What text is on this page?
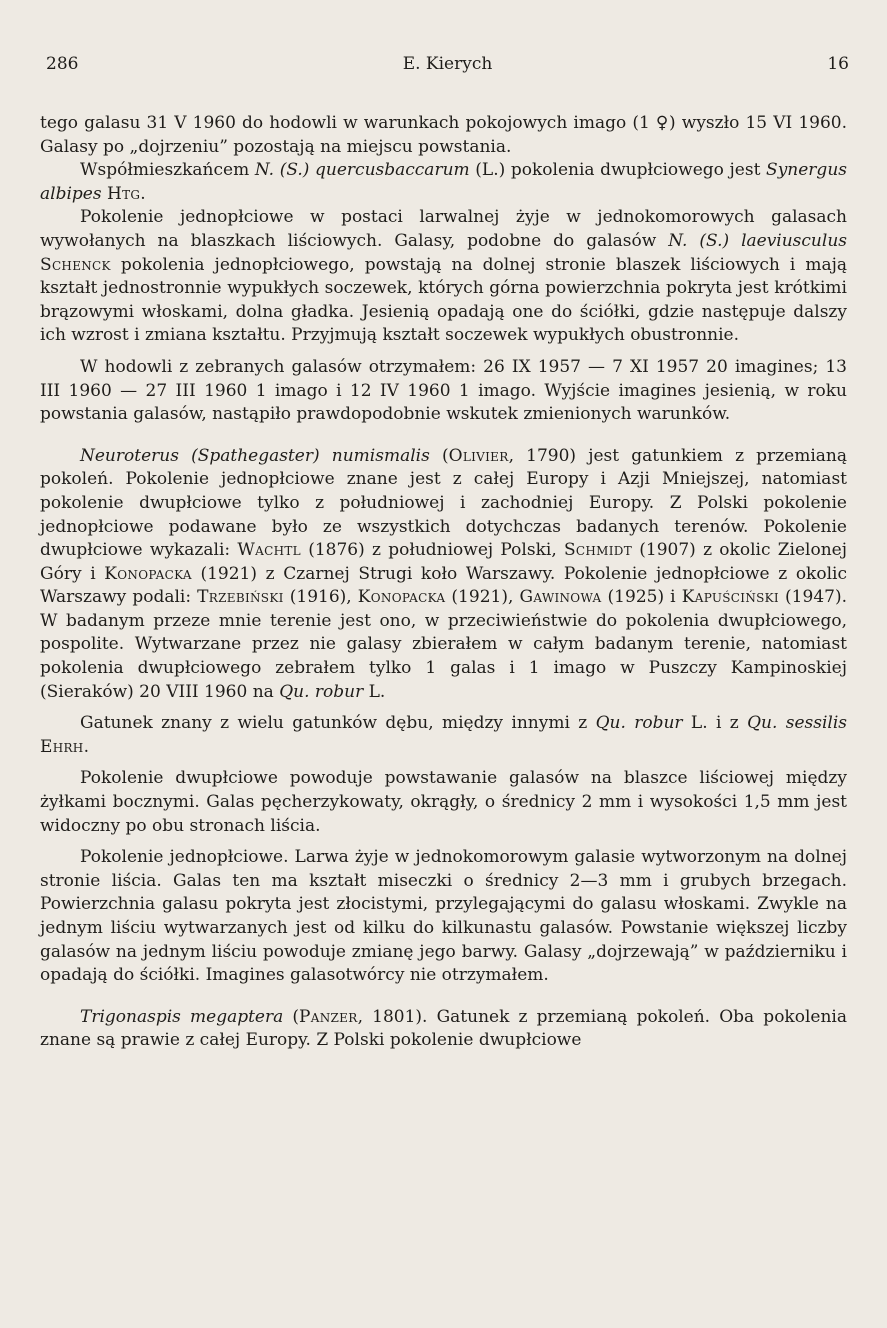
286	E. Kierych	16

tego galasu 31 V 1960 do hodowli w warunkach pokojowych imago (1 ♀) wyszło 15 VI 1960. Galasy po „dojrzeniu” pozostają na miejscu powstania.

Współmieszkańcem N. (S.) quercusbaccarum (L.) pokolenia dwupłciowego jest Synergus albipes Htg.

Pokolenie jednopłciowe w postaci larwalnej żyje w jednokomorowych galasach wywołanych na blaszkach liściowych. Galasy, podobne do galasów N. (S.) laeviusculus Schenck pokolenia jednopłciowego, powstają na dolnej stronie blaszek liściowych i mają kształt jednostronnie wypukłych soczewek, których górna powierzchnia pokryta jest krótkimi brązowymi włoskami, dolna gładka. Jesienią opadają one do ściółki, gdzie następuje dalszy ich wzrost i zmiana kształtu. Przyjmują kształt soczewek wypukłych obustronnie.

W hodowli z zebranych galasów otrzymałem: 26 IX 1957 — 7 XI 1957 20 imagines; 13 III 1960 — 27 III 1960 1 imago i 12 IV 1960 1 imago. Wyjście imagines jesienią, w roku powstania galasów, nastąpiło prawdopodobnie wskutek zmienionych warunków.

Neuroterus (Spathegaster) numismalis (Olivier, 1790) jest gatunkiem z przemianą pokoleń. Pokolenie jednopłciowe znane jest z całej Europy i Azji Mniejszej, natomiast pokolenie dwupłciowe tylko z południowej i zachodniej Europy. Z Polski pokolenie jednopłciowe podawane było ze wszystkich dotychczas badanych terenów. Pokolenie dwupłciowe wykazali: Wachtl (1876) z południowej Polski, Schmidt (1907) z okolic Zielonej Góry i Konopacka (1921) z Czarnej Strugi koło Warszawy. Pokolenie jednopłciowe z okolic Warszawy podali: Trzebiński (1916), Konopacka (1921), Gawinowa (1925) i Kapuściński (1947). W badanym przeze mnie terenie jest ono, w przeciwieństwie do pokolenia dwupłciowego, pospolite. Wytwarzane przez nie galasy zbierałem w całym badanym terenie, natomiast pokolenia dwupłciowego zebrałem tylko 1 galas i 1 imago w Puszczy Kampinoskiej (Sieraków) 20 VIII 1960 na Qu. robur L.

Gatunek znany z wielu gatunków dębu, między innymi z Qu. robur L. i z Qu. sessilis Ehrh.

Pokolenie dwupłciowe powoduje powstawanie galasów na blaszce liściowej między żyłkami bocznymi. Galas pęcherzykowaty, okrągły, o średnicy 2 mm i wysokości 1,5 mm jest widoczny po obu stronach liścia.

Pokolenie jednopłciowe. Larwa żyje w jednokomorowym galasie wytworzonym na dolnej stronie liścia. Galas ten ma kształt miseczki o średnicy 2—3 mm i grubych brzegach. Powierzchnia galasu pokryta jest złocistymi, przylegającymi do galasu włoskami. Zwykle na jednym liściu wytwarzanych jest od kilku do kilkunastu galasów. Powstanie większej liczby galasów na jednym liściu powoduje zmianę jego barwy. Galasy „dojrzewają” w październiku i opadają do ściółki. Imagines galasotwórcy nie otrzymałem.

Trigonaspis megaptera (Panzer, 1801). Gatunek z przemianą pokoleń. Oba pokolenia znane są prawie z całej Europy. Z Polski pokolenie dwupłciowe
